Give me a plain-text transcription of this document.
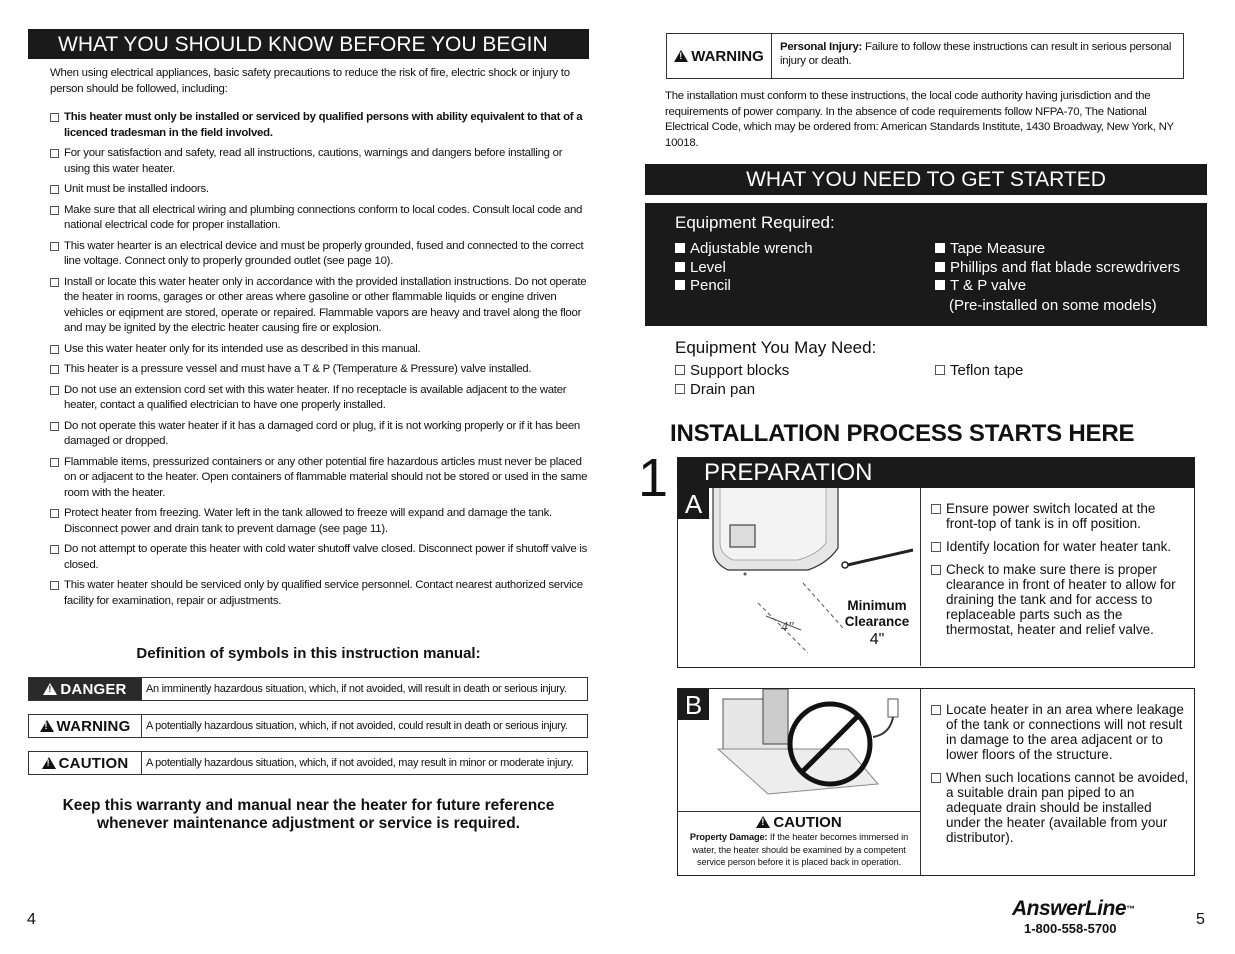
WHAT YOU SHOULD KNOW BEFORE YOU BEGIN
When using electrical appliances, basic safety precautions to reduce the risk of fire, electric shock or injury to person should be followed, including:
This heater must only be installed or serviced by qualified persons with ability equivalent to that of a licenced tradesman in the field involved.
For your satisfaction and safety, read all instructions, cautions, warnings and dangers before installing or using this water heater.
Unit must be installed indoors.
Make sure that all electrical wiring and plumbing connections conform to local codes. Consult local code and national electrical code for proper installation.
This water hearter is an electrical device and must be properly grounded, fused and connected to the correct line voltage. Connect only to properly grounded outlet (see page 10).
Install or locate this water heater only in accordance with the provided installation instructions. Do not operate the heater in rooms, garages or other areas where gasoline or other flammable liquids or engine driven vehicles or eqipment are stored, operate or repaired. Flammable vapors are heavy and travel along the floor and may be ignited by the electric heater causing fire or explosion.
Use this water heater only for its intended use as described in this manual.
This heater is a pressure vessel and must have a T & P (Temperature & Pressure) valve installed.
Do not use an extension cord set with this water heater. If no receptacle is available adjacent to the water heater, contact a qualified electrician to have one properly installed.
Do not operate this water heater if it has a damaged cord or plug, if it is not working properly or if it has been damaged or dropped.
Flammable items, pressurized containers or any other potential fire hazardous articles must never be placed on or adjacent to the heater. Open containers of flammable material should not be stored or used in the same room with the heater.
Protect heater from freezing. Water left in the tank allowed to freeze will expand and damage the tank. Disconnect power and drain tank to prevent damage (see page 11).
Do not attempt to operate this heater with cold water shutoff valve closed. Disconnect power if shutoff valve is closed.
This water heater should be serviced only by qualified service personnel. Contact nearest authorized service facility for examination, repair or adjustments.
Definition of symbols in this instruction manual:
!
DANGER	An imminently hazardous situation, which, if not avoided, will result in death or serious injury.
!
WARNING	A potentially hazardous situation, which, if not avoided, could result in death or serious injury.
!
CAUTION	A potentially hazardous situation, which, if not avoided, may result in minor or moderate injury.
Keep this warranty and manual near the heater for future reference
whenever maintenance adjustment or service is required.
4
!
WARNING
Personal Injury: Failure to follow these instructions can result in serious personal injury or death.
The installation must conform to these instructions, the local code authority having jurisdiction and the requirements of power company. In the absence of code requirements follow NFPA-70, The National Electrical Code, which may be ordered from: American Standards Institute, 1430 Broadway, New York, NY 10018.
WHAT YOU NEED TO GET STARTED
Equipment Required:
Adjustable wrench
Level
Pencil
Tape Measure
Phillips and flat blade screwdrivers
T & P valve
(Pre-installed on some models)
Equipment You May Need:
Support blocks
Drain pan
Teflon tape
INSTALLATION PROCESS STARTS HERE
1	PREPARATION
A
4"
Minimum
Clearance
4"
Ensure power switch located at the front-top of tank is in off position.
Identify location for water heater tank.
Check to make sure there is proper clearance in front of heater to allow for draining the tank and for access to replaceable parts such as the thermostat, heater and relief valve.
B
!CAUTION
Property Damage: If the heater becomes immersed in water, the heater should be examined by a competent service person before it is placed back in operation.
Locate heater in an area where leakage of the tank or connections will not result in damage to the area adjacent or to lower floors of the structure.
When such locations cannot be avoided, a suitable drain pan piped to an adequate drain should be installed under the heater (available from your distributor).
AnswerLine™
1-800-558-5700
5
